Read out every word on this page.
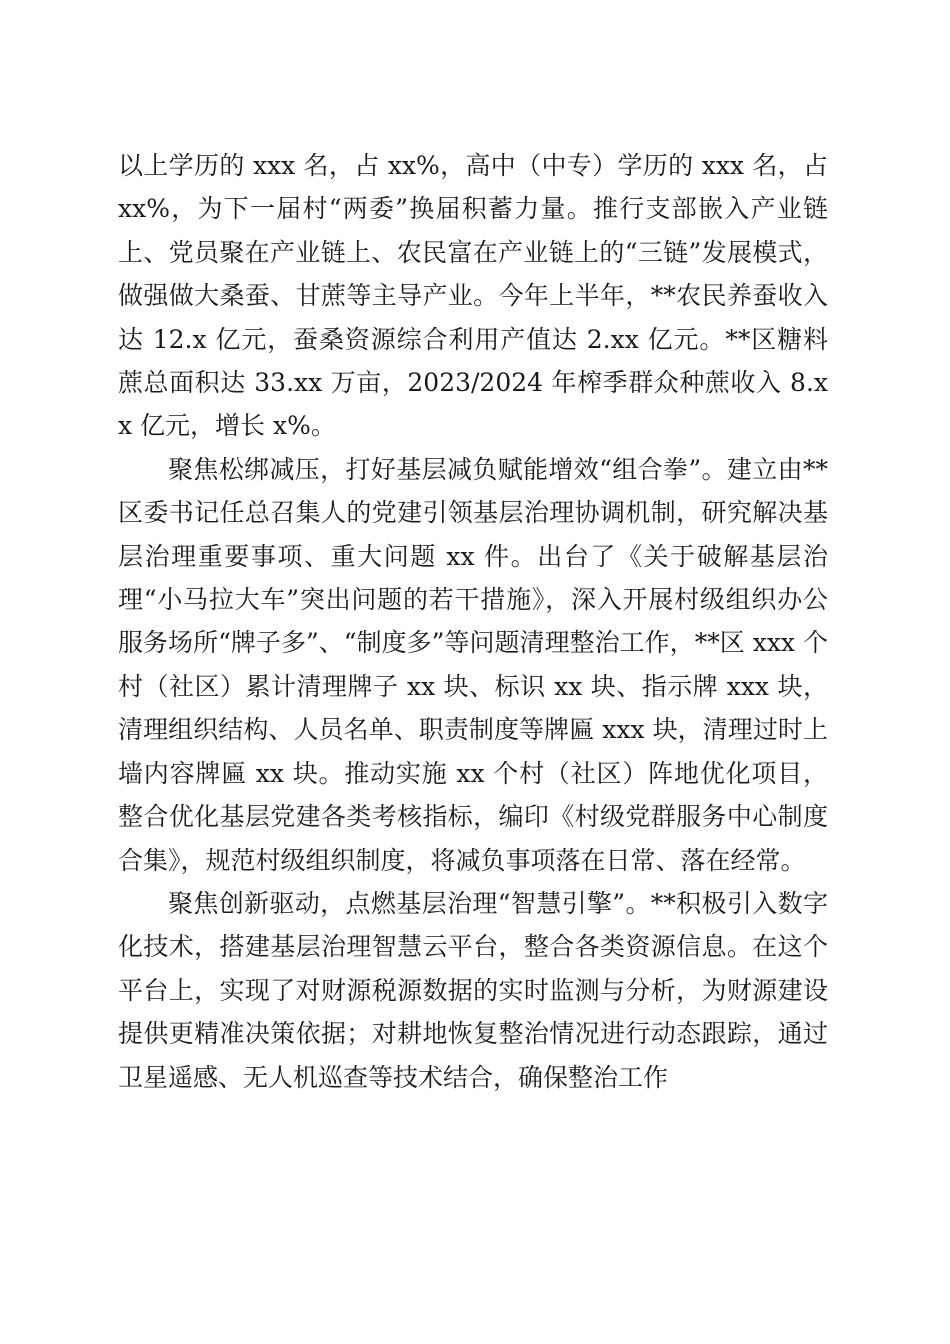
以上学历的 xxx 名，占 xx%，高中（中专）学历的 xxx 名，占 xx%，为下一届村“两委”换届积蓄力量。推行支部嵌入产业链上、党员聚在产业链上、农民富在产业链上的“三链”发展模式，做强做大桑蚕、甘蔗等主导产业。今年上半年，**农民养蚕收入达 12.x 亿元，蚕桑资源综合利用产值达 2.xx 亿元。**区糖料蔗总面积达 33.xx 万亩，2023/2024 年榨季群众种蔗收入 8.xx 亿元，增长 x%。

聚焦松绑减压，打好基层减负赋能增效“组合拳”。建立由**区委书记任总召集人的党建引领基层治理协调机制，研究解决基层治理重要事项、重大问题 xx 件。出台了《关于破解基层治理“小马拉大车”突出问题的若干措施》，深入开展村级组织办公服务场所“牌子多”、“制度多”等问题清理整治工作，**区 xxx 个村（社区）累计清理牌子 xx 块、标识 xx 块、指示牌 xxx 块，清理组织结构、人员名单、职责制度等牌匾 xxx 块，清理过时上墙内容牌匾 xx 块。推动实施 xx 个村（社区）阵地优化项目，整合优化基层党建各类考核指标，编印《村级党群服务中心制度合集》，规范村级组织制度，将减负事项落在日常、落在经常。

聚焦创新驱动，点燃基层治理“智慧引擎”。**积极引入数字化技术，搭建基层治理智慧云平台，整合各类资源信息。在这个平台上，实现了对财源税源数据的实时监测与分析，为财源建设提供更精准决策依据；对耕地恢复整治情况进行动态跟踪，通过卫星遥感、无人机巡查等技术结合，确保整治工作
